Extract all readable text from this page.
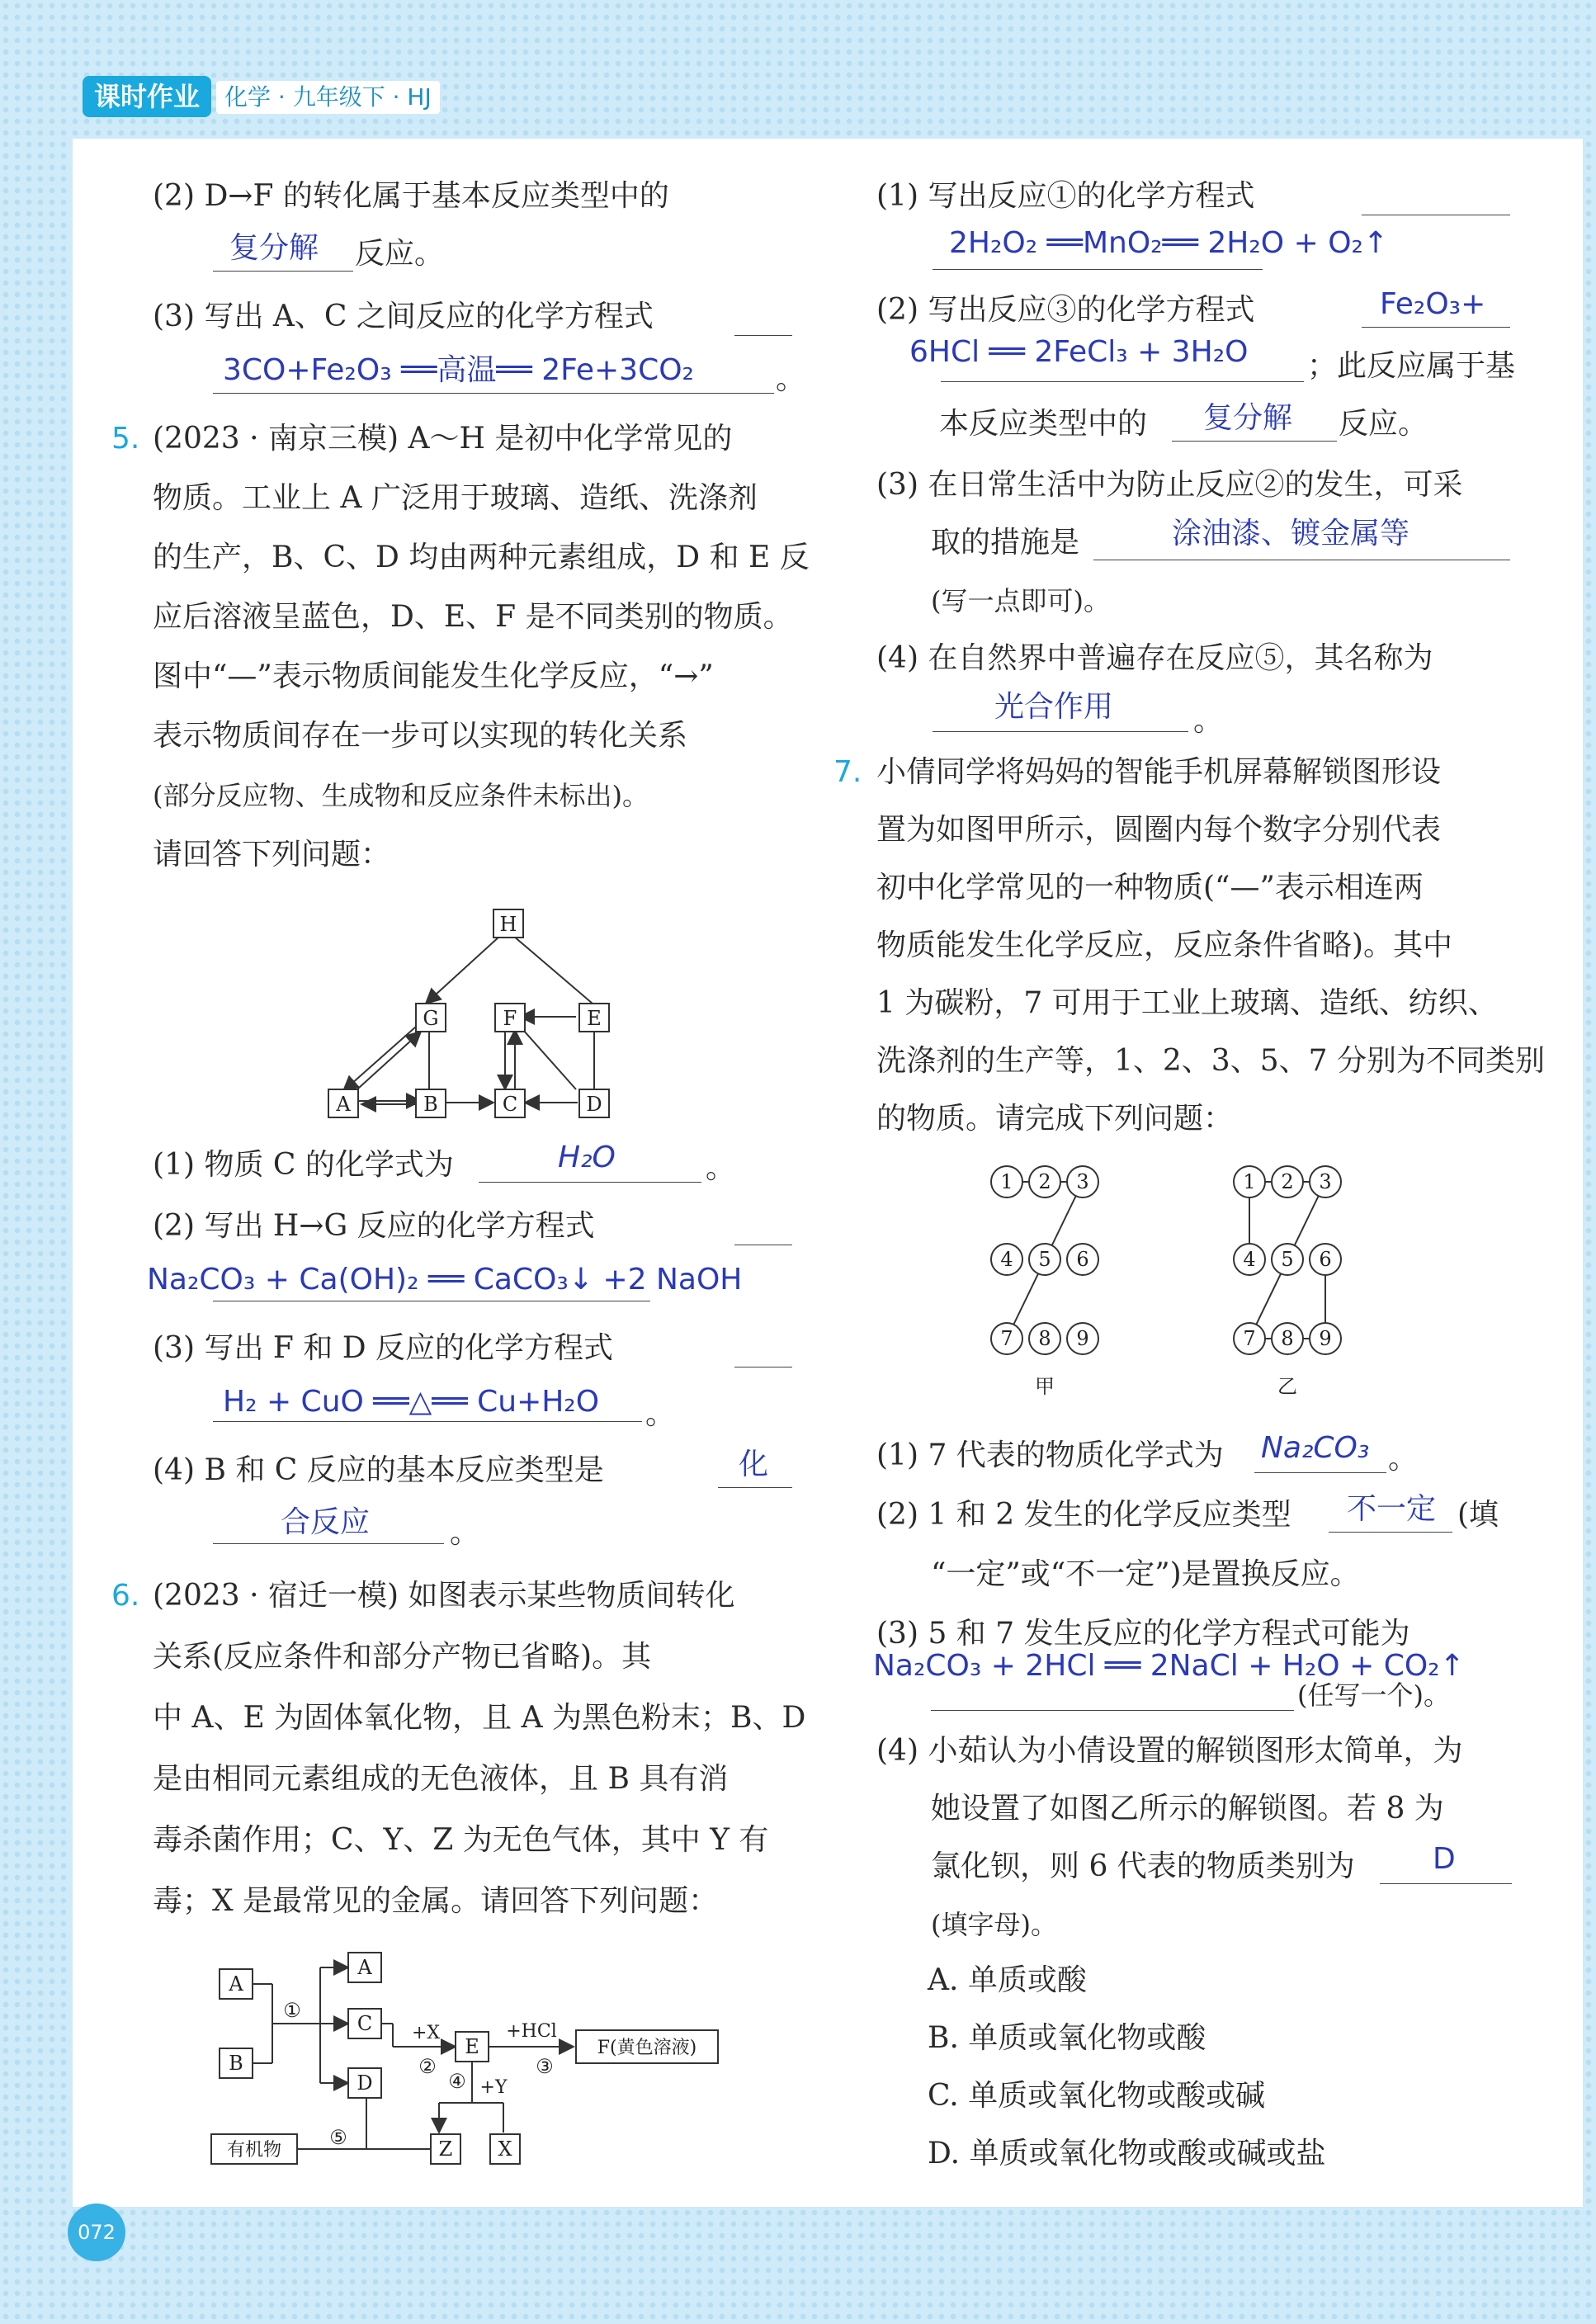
课时作业	化学 · 九年级下 · HJ
(2) D→F 的转化属于基本反应类型中的
复分解 反应。
(3) 写出 A、C 之间反应的化学方程式
3CO+Fe₂O₃ ══高温══ 2Fe+3CO₂	。
5. (2023 · 南京三模) A～H 是初中化学常见的
物质。工业上 A 广泛用于玻璃、造纸、洗涤剂
的生产，B、C、D 均由两种元素组成，D 和 E 反
应后溶液呈蓝色，D、E、F 是不同类别的物质。
图中“—”表示物质间能发生化学反应，“→”
表示物质间存在一步可以实现的转化关系
(部分反应物、生成物和反应条件未标出)。
请回答下列问题：
H
G	F	E
A	B	C	D
(1) 物质 C 的化学式为	H₂O	。
(2) 写出 H→G 反应的化学方程式
Na₂CO₃ + Ca(OH)₂ ══ CaCO₃↓ +2 NaOH
(3) 写出 F 和 D 反应的化学方程式
H₂ + CuO ══△══ Cu+H₂O 。
(4) B 和 C 反应的基本反应类型是	化
合反应	。
6. (2023 · 宿迁一模) 如图表示某些物质间转化
关系(反应条件和部分产物已省略)。其
中 A、E 为固体氧化物，且 A 为黑色粉末；B、D
是由相同元素组成的无色液体，且 B 具有消
毒杀菌作用；C、Y、Z 为无色气体，其中 Y 有
毒；X 是最常见的金属。请回答下列问题：
A
B
A
C
D
E	F(黄色溶液)
Z X
有机物
①
②	③
④
⑤
+X	+HCl
+Y
(1) 写出反应①的化学方程式
2H₂O₂ ══MnO₂══ 2H₂O + O₂↑
(2) 写出反应③的化学方程式	Fe₂O₃+
6HCl ══ 2FeCl₃ + 3H₂O ；此反应属于基
本反应类型中的 复分解 反应。
(3) 在日常生活中为防止反应②的发生，可采
取的措施是	涂油漆、镀金属等
(写一点即可)。
(4) 在自然界中普遍存在反应⑤，其名称为
光合作用	。
7. 小倩同学将妈妈的智能手机屏幕解锁图形设
置为如图甲所示，圆圈内每个数字分别代表
初中化学常见的一种物质(“—”表示相连两
物质能发生化学反应，反应条件省略)。其中
1 为碳粉，7 可用于工业上玻璃、造纸、纺织、
洗涤剂的生产等，1、2、3、5、7 分别为不同类别
的物质。请完成下列问题：
1 2 3
4 5 6
7 8 9
1 2 3
4 5 6
7 8 9
甲	乙
(1) 7 代表的物质化学式为 Na₂CO₃ 。
(2) 1 和 2 发生的化学反应类型 不一定 (填
“一定”或“不一定”)是置换反应。
(3) 5 和 7 发生反应的化学方程式可能为
Na₂CO₃ + 2HCl ══ 2NaCl + H₂O + CO₂↑
(任写一个)。
(4) 小茹认为小倩设置的解锁图形太简单，为
她设置了如图乙所示的解锁图。若 8 为
氯化钡，则 6 代表的物质类别为	D
(填字母)。
A. 单质或酸
B. 单质或氧化物或酸
C. 单质或氧化物或酸或碱
D. 单质或氧化物或酸或碱或盐
072
